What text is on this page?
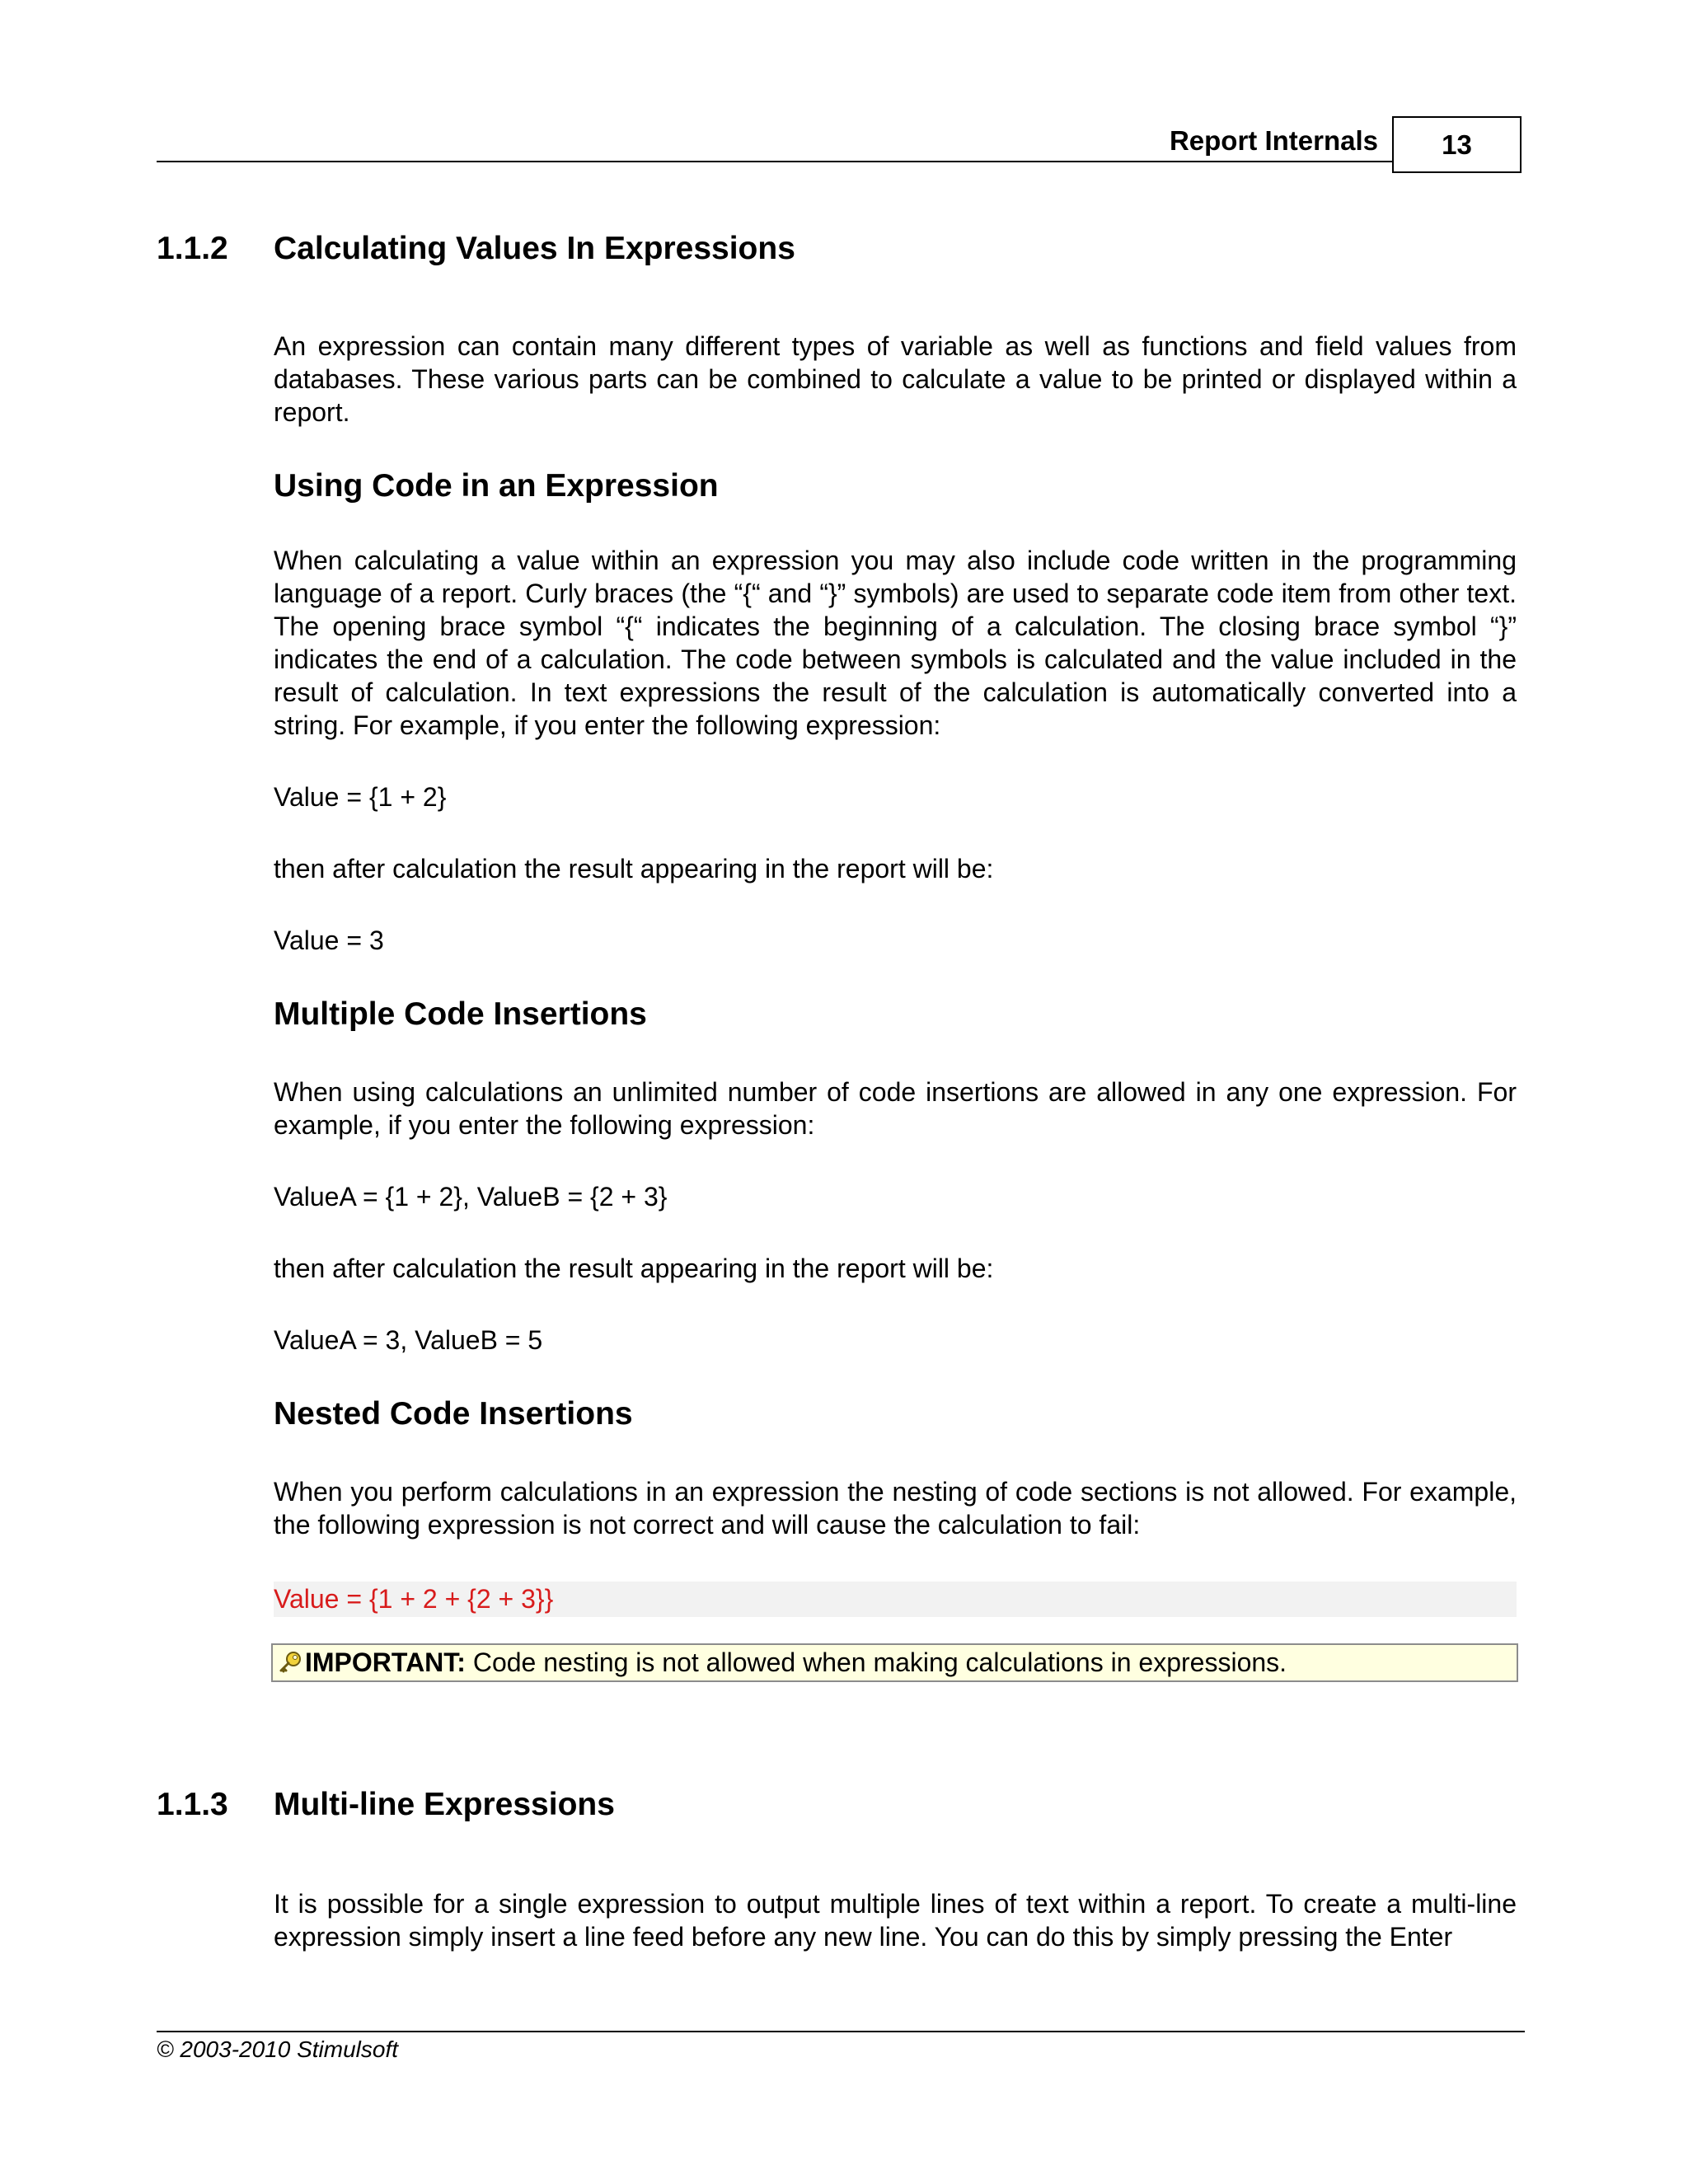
Report Internals	13
1.1.2 Calculating Values In Expressions

An expression can contain many different types of variable as well as functions and field values from databases. These various parts can be combined to calculate a value to be printed or displayed within a report.

Using Code in an Expression

When calculating a value within an expression you may also include code written in the programming language of a report. Curly braces (the “{“ and “}” symbols) are used to separate code item from other text. The opening brace symbol “{“ indicates the beginning of a calculation. The closing brace symbol “}” indicates the end of a calculation. The code between symbols is calculated and the value included in the result of calculation. In text expressions the result of the calculation is automatically converted into a string. For example, if you enter the following expression:

Value = {1 + 2}
then after calculation the result appearing in the report will be:
Value = 3
Multiple Code Insertions

When using calculations an unlimited number of code insertions are allowed in any one expression. For example, if you enter the following expression:

ValueA = {1 + 2}, ValueB = {2 + 3}
then after calculation the result appearing in the report will be:
ValueA = 3, ValueB = 5
Nested Code Insertions

When you perform calculations in an expression the nesting of code sections is not allowed. For example, the following expression is not correct and will cause the calculation to fail:

Value = {1 + 2 + {2 + 3}}
IMPORTANT: Code nesting is not allowed when making calculations in expressions.
1.1.3 Multi-line Expressions

It is possible for a single expression to output multiple lines of text within a report. To create a multi-line expression simply insert a line feed before any new line. You can do this by simply pressing the Enter

© 2003-2010 Stimulsoft
